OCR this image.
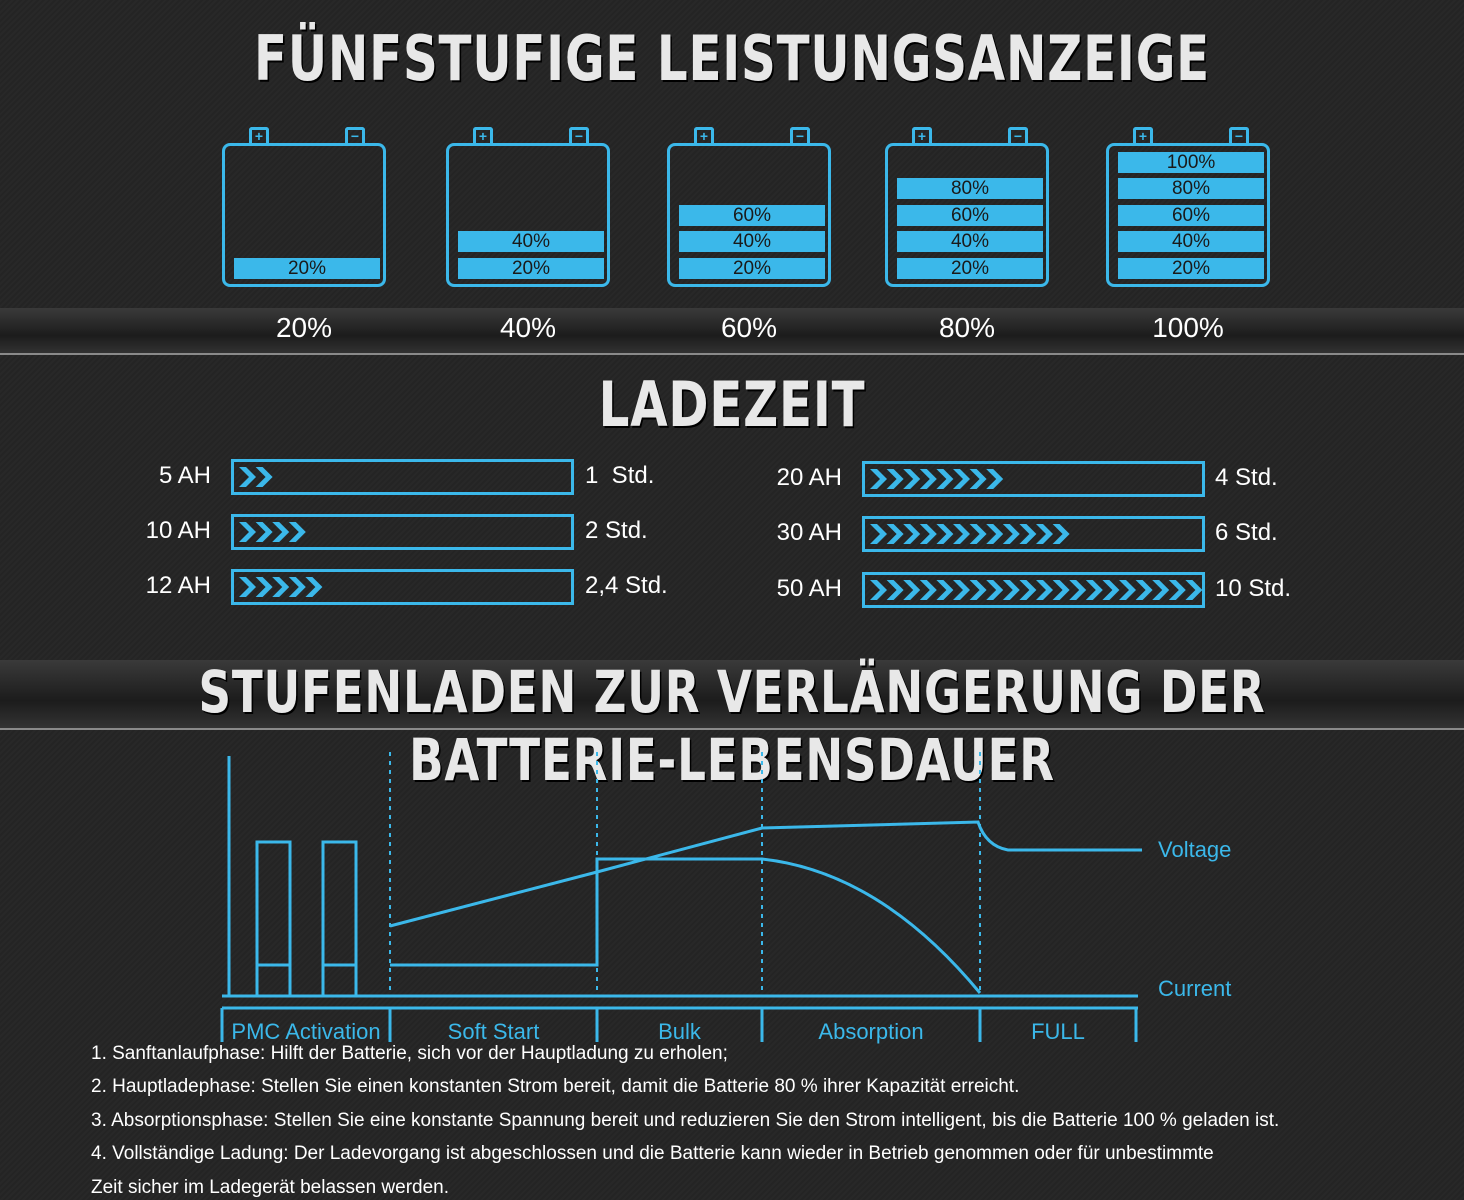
FÜNFSTUFIGE LEISTUNGSANZEIGE
+	−
20%
20%
+	−
20%
40%
40%
+	−
20%
40%
60%
60%
+	−
20%
40%
60%
80%
80%
+	−
20%
40%
60%
80%
100%
100%
LADEZEIT
5 AH	1  Std.
10 AH	2 Std.
12 AH	2,4 Std.
20 AH	4 Std.
30 AH	6 Std.
50 AH	10 Std.
STUFENLADEN ZUR VERLÄNGERUNG DER BATTERIE-LEBENSDAUER
Voltage
Current
PMC Activation	Soft Start	Bulk	Absorption	FULL
1. Sanftanlaufphase: Hilft der Batterie, sich vor der Hauptladung zu erholen;
2. Hauptladephase: Stellen Sie einen konstanten Strom bereit, damit die Batterie 80 % ihrer Kapazität erreicht.
3. Absorptionsphase: Stellen Sie eine konstante Spannung bereit und reduzieren Sie den Strom intelligent, bis die Batterie 100 % geladen ist.
4. Vollständige Ladung: Der Ladevorgang ist abgeschlossen und die Batterie kann wieder in Betrieb genommen oder für unbestimmte
Zeit sicher im Ladegerät belassen werden.
